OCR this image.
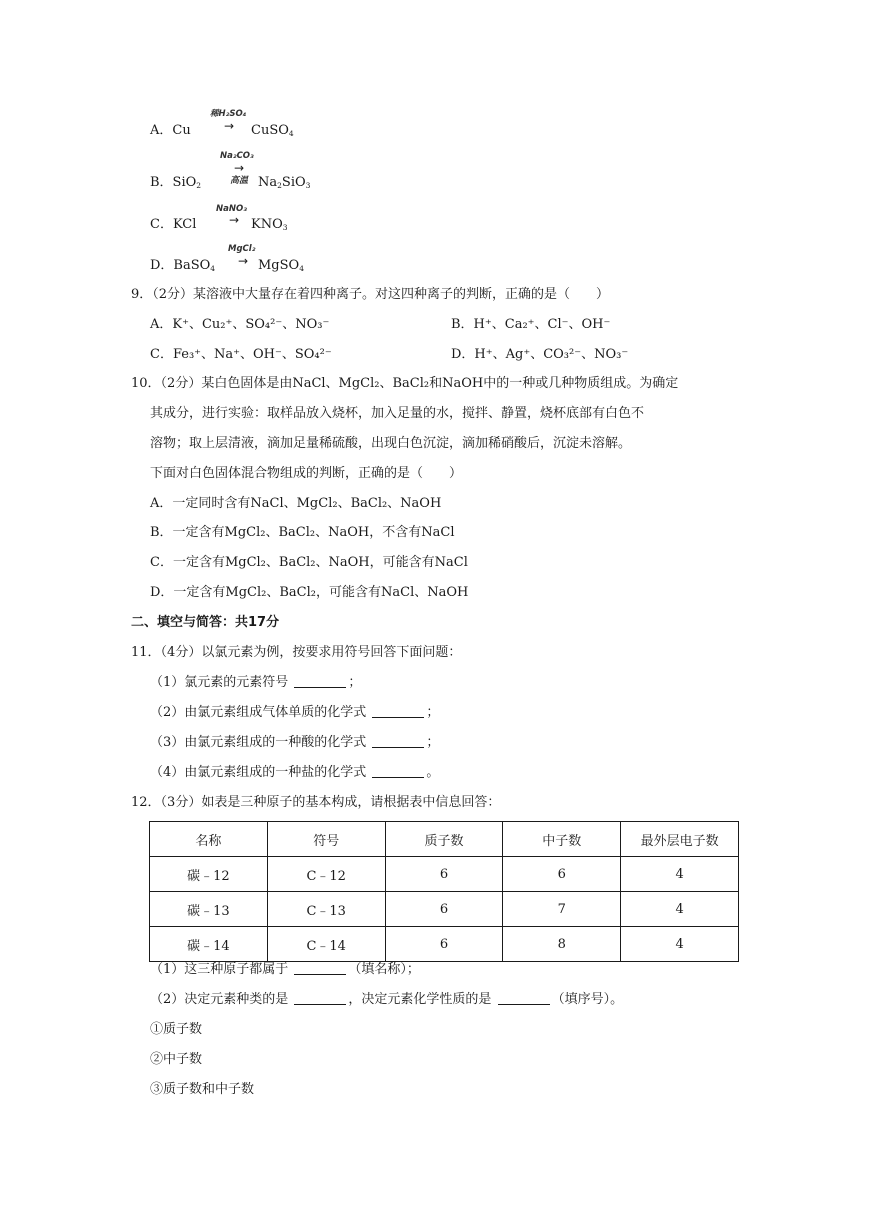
稀H₂SO₄
→
A．Cu	CuSO$_4$
Na₂CO₃
→
高温
B．SiO$_2$	$Na_2SiO_3$
NaNO₃
→
C．KCl	$KNO_3$
MgCl₂
→
D．BaSO$_4$	MgSO$_4$
9．（2分）某溶液中大量存在着四种离子。对这四种离子的判断，正确的是（　　）
A．K⁺、Cu₂⁺、SO₄²⁻、NO₃⁻	B．H⁺、Ca₂⁺、Cl⁻、OH⁻
C．Fe₃⁺、Na⁺、OH⁻、SO₄²⁻	D．H⁺、Ag⁺、CO₃²⁻、NO₃⁻
10．（2分）某白色固体是由NaCl、MgCl₂、BaCl₂和NaOH中的一种或几种物质组成。为确定
其成分，进行实验：取样品放入烧杯，加入足量的水，搅拌、静置，烧杯底部有白色不
溶物；取上层清液，滴加足量稀硫酸，出现白色沉淀，滴加稀硝酸后，沉淀未溶解。
下面对白色固体混合物组成的判断，正确的是（　　）
A．一定同时含有NaCl、MgCl₂、BaCl₂、NaOH
B．一定含有MgCl₂、BaCl₂、NaOH，不含有NaCl
C．一定含有MgCl₂、BaCl₂、NaOH，可能含有NaCl
D．一定含有MgCl₂、BaCl₂，可能含有NaCl、NaOH
二、填空与简答：共17分
11．（4分）以氯元素为例，按要求用符号回答下面问题：
（1）氯元素的元素符号	；
（2）由氯元素组成气体单质的化学式	；
（3）由氯元素组成的一种酸的化学式	；
（4）由氯元素组成的一种盐的化学式	。
12．（3分）如表是三种原子的基本构成，请根据表中信息回答：
名称	符号	质子数	中子数	最外层电子数
碳﹣12	C﹣12	6	6	4
碳﹣13	C﹣13	6	7	4
碳﹣14	C﹣14	6	8	4
（1）这三种原子都属于	（填名称）；
（2）决定元素种类的是	，决定元素化学性质的是	（填序号）。
①质子数
②中子数
③质子数和中子数
